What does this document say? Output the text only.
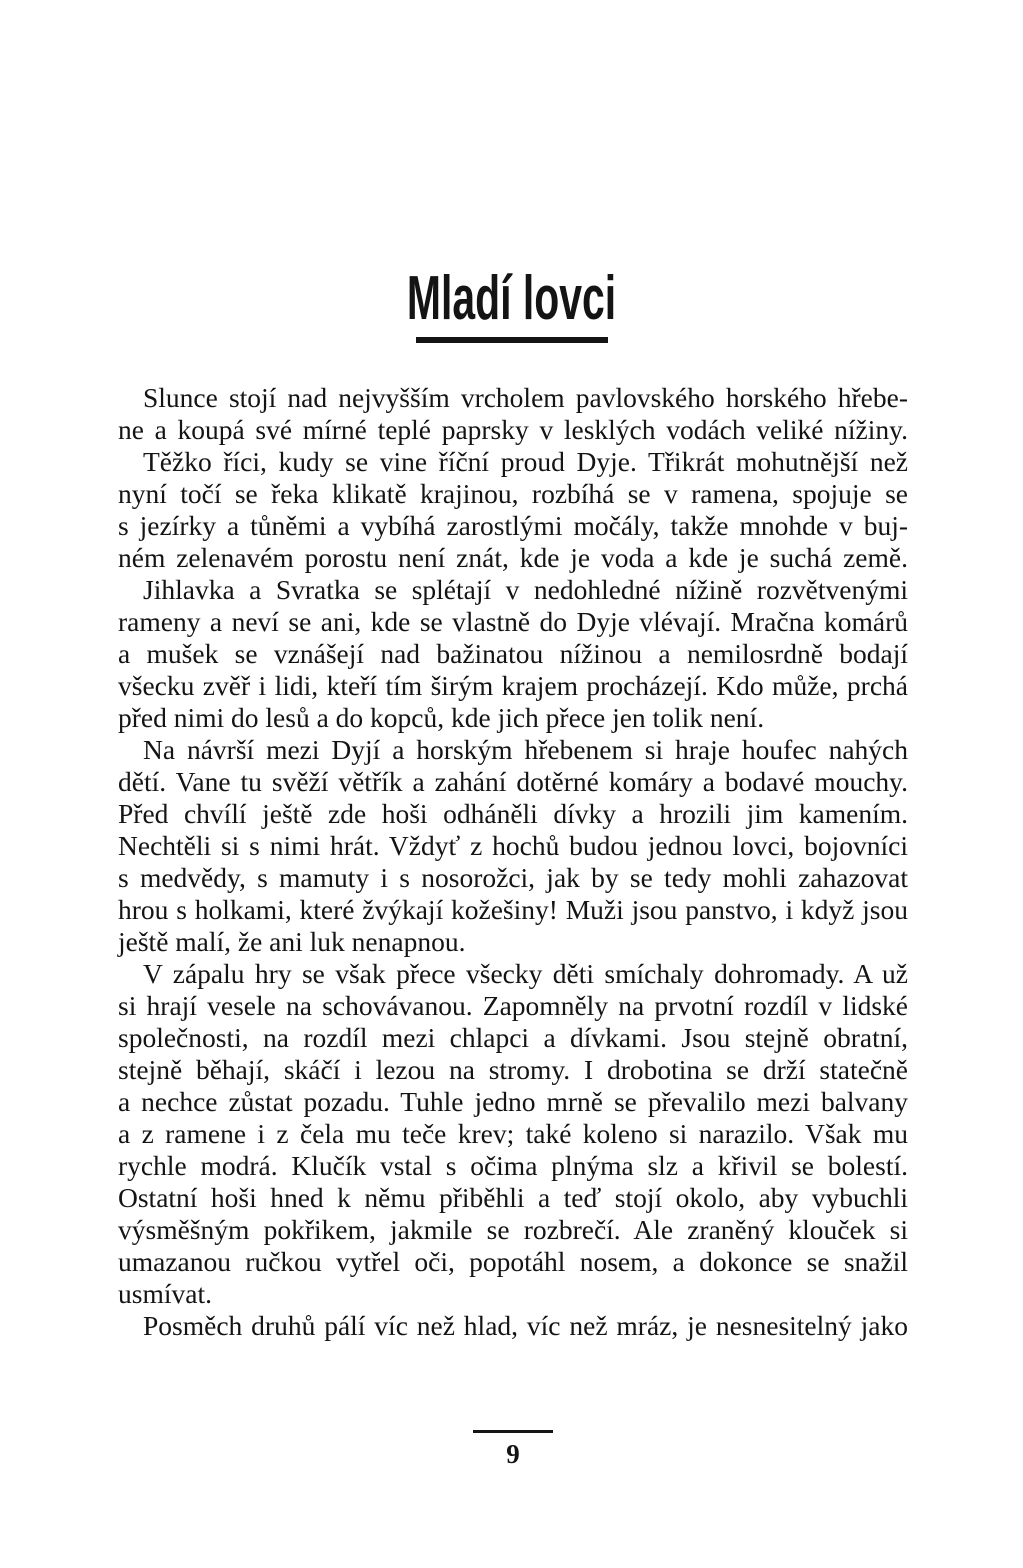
Mladí lovci
Slunce stojí nad nejvyšším vrcholem pavlovského horského hřebe-
ne a koupá své mírné teplé paprsky v lesklých vodách veliké nížiny.
Těžko říci, kudy se vine říční proud Dyje. Třikrát mohutnější než
nyní točí se řeka klikatě krajinou, rozbíhá se v ramena, spojuje se
s jezírky a tůněmi a vybíhá zarostlými močály, takže mnohde v buj-
ném zelenavém porostu není znát, kde je voda a kde je suchá země.
Jihlavka a Svratka se splétají v nedohledné nížině rozvětvenými
rameny a neví se ani, kde se vlastně do Dyje vlévají. Mračna komárů
a mušek se vznášejí nad bažinatou nížinou a nemilosrdně bodají
všecku zvěř i lidi, kteří tím širým krajem procházejí. Kdo může, prchá
před nimi do lesů a do kopců, kde jich přece jen tolik není.
Na návrší mezi Dyjí a horským hřebenem si hraje houfec nahých
dětí. Vane tu svěží větřík a zahání dotěrné komáry a bodavé mouchy.
Před chvílí ještě zde hoši odháněli dívky a hrozili jim kamením.
Nechtěli si s nimi hrát. Vždyť z hochů budou jednou lovci, bojovníci
s medvědy, s mamuty i s nosorožci, jak by se tedy mohli zahazovat
hrou s holkami, které žvýkají kožešiny! Muži jsou panstvo, i když jsou
ještě malí, že ani luk nenapnou.
V zápalu hry se však přece všecky děti smíchaly dohromady. A už
si hrají vesele na schovávanou. Zapomněly na prvotní rozdíl v lidské
společnosti, na rozdíl mezi chlapci a dívkami. Jsou stejně obratní,
stejně běhají, skáčí i lezou na stromy. I drobotina se drží statečně
a nechce zůstat pozadu. Tuhle jedno mrně se převalilo mezi balvany
a z ramene i z čela mu teče krev; také koleno si narazilo. Však mu
rychle modrá. Klučík vstal s očima plnýma slz a křivil se bolestí.
Ostatní hoši hned k němu přiběhli a teď stojí okolo, aby vybuchli
výsměšným pokřikem, jakmile se rozbrečí. Ale zraněný klouček si
umazanou ručkou vytřel oči, popotáhl nosem, a dokonce se snažil
usmívat.
Posměch druhů pálí víc než hlad, víc než mráz, je nesnesitelný jako
9
